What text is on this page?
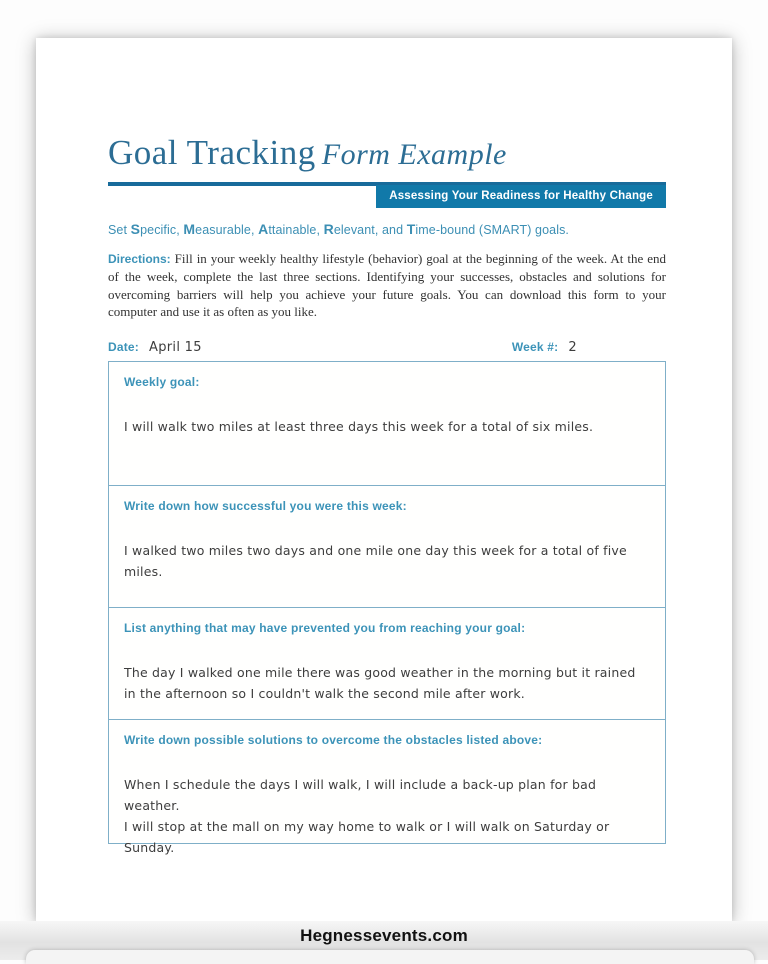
Goal Tracking Form Example
Assessing Your Readiness for Healthy Change

Set Specific, Measurable, Attainable, Relevant, and Time-bound (SMART) goals.

Directions: Fill in your weekly healthy lifestyle (behavior) goal at the beginning of the week. At the end of the week, complete the last three sections. Identifying your successes, obstacles and solutions for overcoming barriers will help you achieve your future goals. You can download this form to your computer and use it as often as you like.

Date: April 15	Week #: 2
Weekly goal:
I will walk two miles at least three days this week for a total of six miles.
Write down how successful you were this week:
I walked two miles two days and one mile one day this week for a total of five miles.
List anything that may have prevented you from reaching your goal:
The day I walked one mile there was good weather in the morning but it rained in the afternoon so I couldn't walk the second mile after work.
Write down possible solutions to overcome the obstacles listed above:
When I schedule the days I will walk, I will include a back-up plan for bad weather.
I will stop at the mall on my way home to walk or I will walk on Saturday or Sunday.
Hegnessevents.com
